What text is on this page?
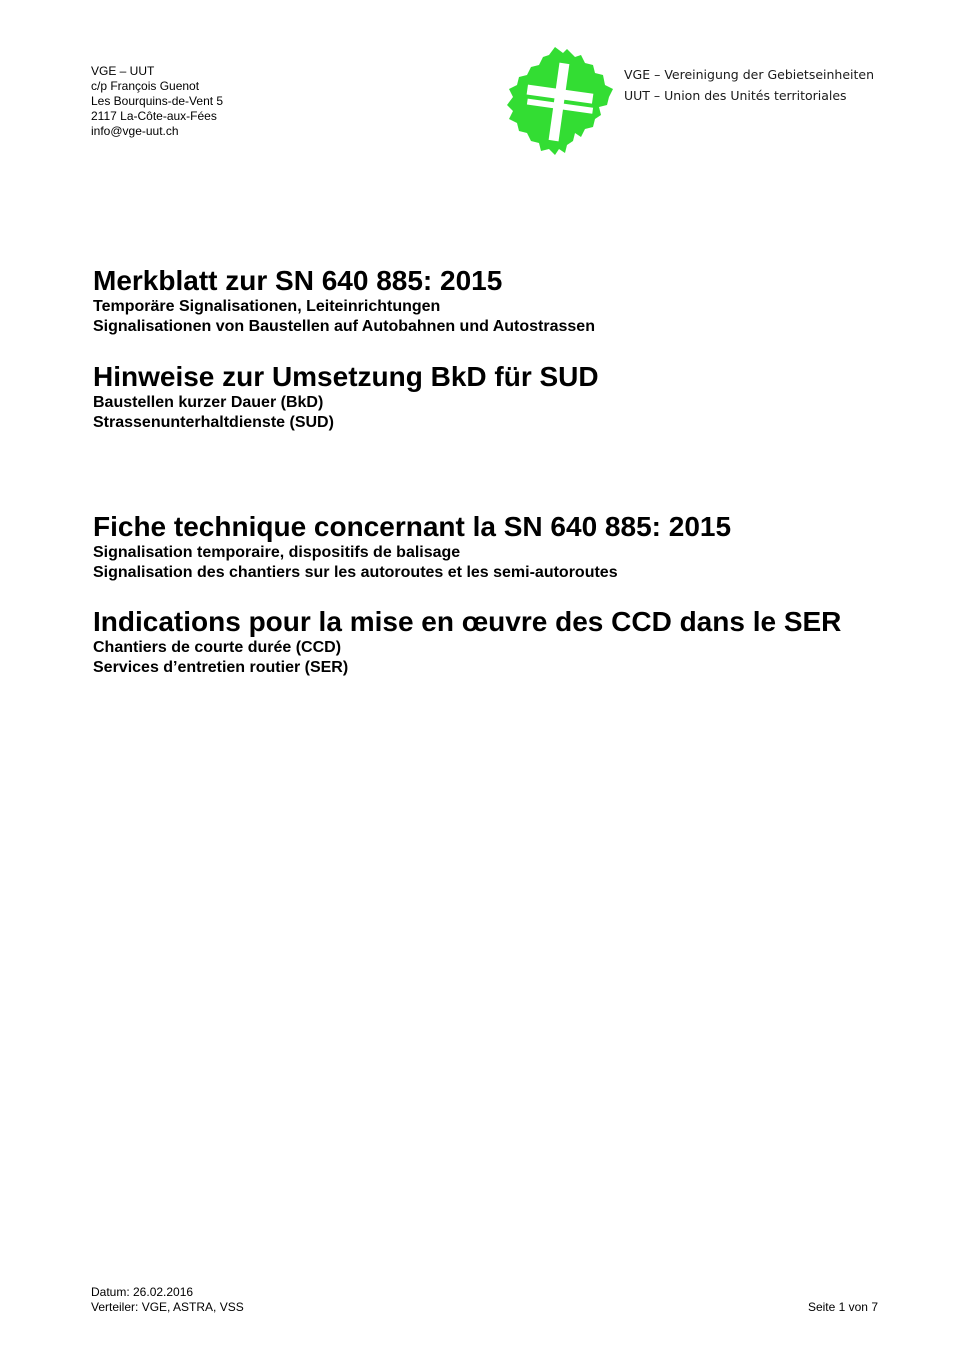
VGE – UUT
c/p François Guenot
Les Bourquins-de-Vent 5
2117 La-Côte-aux-Fées
info@vge-uut.ch
VGE – Vereinigung der Gebietseinheiten
UUT – Union des Unités territoriales
Merkblatt zur SN 640 885: 2015
Temporäre Signalisationen, Leiteinrichtungen
Signalisationen von Baustellen auf Autobahnen und Autostrassen
Hinweise zur Umsetzung BkD für SUD
Baustellen kurzer Dauer (BkD)
Strassenunterhaltdienste (SUD)
Fiche technique concernant la SN 640 885: 2015
Signalisation temporaire, dispositifs de balisage
Signalisation des chantiers sur les autoroutes et les semi-autoroutes
Indications pour la mise en œuvre des CCD dans le SER
Chantiers de courte durée (CCD)
Services d’entretien routier (SER)
Datum: 26.02.2016
Verteiler: VGE, ASTRA, VSS	Seite 1 von 7
